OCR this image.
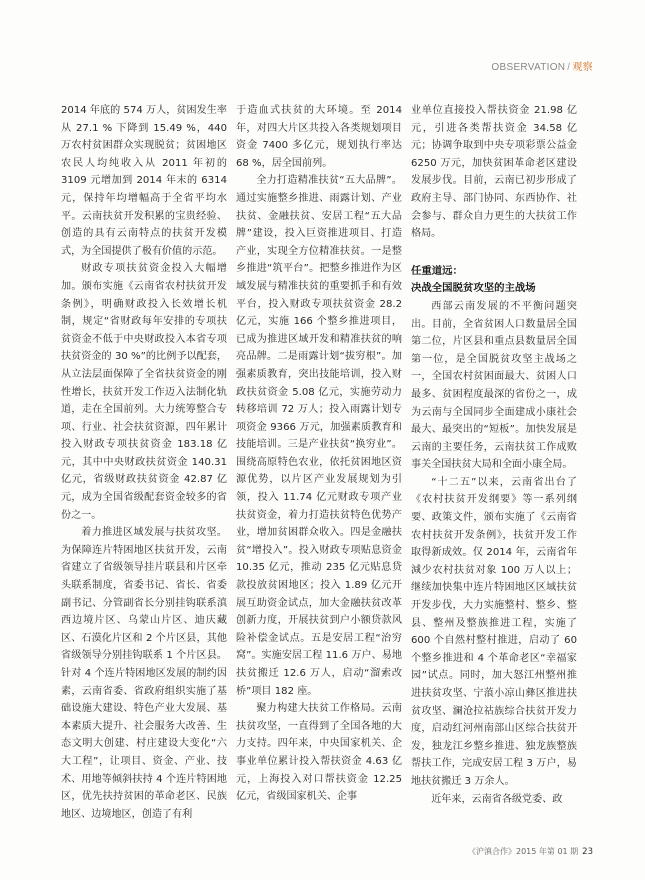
OBSERVATION / 观察

2014 年底的 574 万人，贫困发生率从 27.1 % 下降到 15.49 %，440 万农村贫困群众实现脱贫；贫困地区农民人均纯收入从 2011 年初的 3109 元增加到 2014 年末的 6314 元，保持年均增幅高于全省平均水平。云南扶贫开发积累的宝贵经验、创造的具有云南特点的扶贫开发模式，为全国提供了极有价值的示范。

财政专项扶贫资金投入大幅增加。颁布实施《云南省农村扶贫开发条例》，明确财政投入长效增长机制，规定“省财政每年安排的专项扶贫资金不低于中央财政投入本省专项扶贫资金的 30 %”的比例予以配套，从立法层面保障了全省扶贫资金的刚性增长，扶贫开发工作迈入法制化轨道，走在全国前列。大力统筹整合专项、行业、社会扶贫资源，四年累计投入财政专项扶贫资金 183.18 亿元，其中中央财政扶贫资金 140.31 亿元，省级财政扶贫资金 42.87 亿元，成为全国省级配套资金较多的省份之一。

着力推进区域发展与扶贫攻坚。为保障连片特困地区扶贫开发，云南省建立了省级领导挂片联县和片区牵头联系制度，省委书记、省长、省委副书记、分管副省长分别挂钩联系滇西边境片区、乌蒙山片区、迪庆藏区、石漠化片区和 2 个片区县，其他省级领导分别挂钩联系 1 个片区县。针对 4 个连片特困地区发展的制约因素，云南省委、省政府组织实施了基础设施大建设、特色产业大发展、基本素质大提升、社会服务大改善、生态文明大创建、村庄建设大变化“六大工程”，让项目、资金、产业、技术、用地等倾斜扶持 4 个连片特困地区，优先扶持贫困的革命老区、民族地区、边境地区，创造了有利

于造血式扶贫的大环境。至 2014 年，对四大片区共投入各类规划项目资金 7400 多亿元，规划执行率达 68 %，居全国前列。

全力打造精准扶贫“五大品牌”。通过实施整乡推进、雨露计划、产业扶贫、金融扶贫、安居工程“五大品牌”建设，投入巨资推进项目、打造产业，实现全方位精准扶贫。一是整乡推进“筑平台”。把整乡推进作为区域发展与精准扶贫的重要抓手和有效平台，投入财政专项扶贫资金 28.2 亿元，实施 166 个整乡推进项目，已成为推进区域开发和精准扶贫的响亮品牌。二是雨露计划“拔穷根”。加强素质教育，突出技能培训，投入财政扶贫资金 5.08 亿元，实施劳动力转移培训 72 万人；投入雨露计划专项资金 9366 万元，加强素质教育和技能培训。三是产业扶贫“换穷业”。围绕高原特色农业，依托贫困地区资源优势，以片区产业发展规划为引领，投入 11.74 亿元财政专项产业扶贫资金，着力打造扶贫特色优势产业，增加贫困群众收入。四是金融扶贫“增投入”。投入财政专项贴息资金 10.35 亿元，推动 235 亿元贴息贷款投放贫困地区；投入 1.89 亿元开展互助资金试点，加大金融扶贫改革创新力度，开展扶贫到户小额贷款风险补偿金试点。五是安居工程“治穷窝”。实施安居工程 11.6 万户、易地扶贫搬迁 12.6 万人，启动“溜索改桥”项目 182 座。

聚力构建大扶贫工作格局。云南扶贫攻坚，一直得到了全国各地的大力支持。四年来，中央国家机关、企事业单位累计投入帮扶资金 4.63 亿元，上海投入对口帮扶资金 12.25 亿元，省级国家机关、企事

业单位直接投入帮扶资金 21.98 亿元，引进各类帮扶资金 34.58 亿元；协调争取到中央专项彩票公益金 6250 万元，加快贫困革命老区建设发展步伐。目前，云南已初步形成了政府主导、部门协同、东西协作、社会参与、群众自力更生的大扶贫工作格局。

任重道远：
决战全国脱贫攻坚的主战场

西部云南发展的不平衡问题突出。目前，全省贫困人口数量居全国第二位，片区县和重点县数量居全国第一位，是全国脱贫攻坚主战场之一，全国农村贫困面最大、贫困人口最多、贫困程度最深的省份之一，成为云南与全国同步全面建成小康社会最大、最突出的“短板”。加快发展是云南的主要任务，云南扶贫工作成败事关全国扶贫大局和全面小康全局。

“十二五”以来，云南省出台了《农村扶贫开发纲要》等一系列纲要、政策文件，颁布实施了《云南省农村扶贫开发条例》，扶贫开发工作取得新成效。仅 2014 年，云南省年減少农村扶贫对象 100 万人以上；继续加快集中连片特困地区区域扶贫开发步伐，大力实施整村、整乡、整县、整州及整族推进工程，实施了 600 个自然村整村推进，启动了 60 个整乡推进和 4 个革命老区“幸福家园”试点。同时，加大怒江州整州推进扶贫攻坚、宁蒗小凉山彝区推进扶贫攻坚、澜沧拉祜族综合扶贫开发力度，启动红河州南部山区综合扶贫开发，独龙江乡整乡推进、独龙族整族帮扶工作，完成安居工程 3 万户，易地扶贫搬迁 3 万余人。

近年来，云南省各级党委、政

《沪滇合作》2015 年第 01 期 23
